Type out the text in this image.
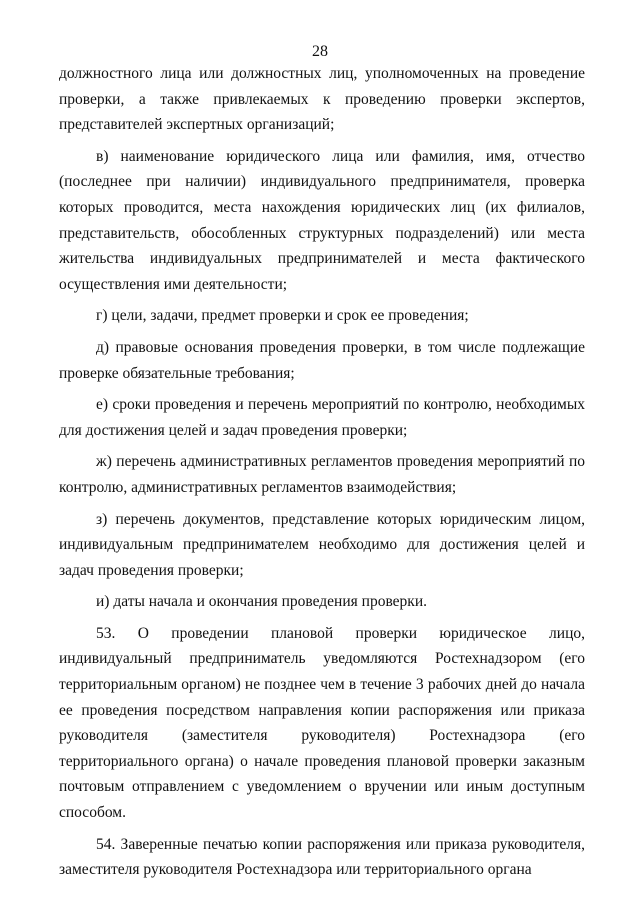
28

должностного лица или должностных лиц, уполномоченных на проведение проверки, а также привлекаемых к проведению проверки экспертов, представителей экспертных организаций;

в) наименование юридического лица или фамилия, имя, отчество (последнее при наличии) индивидуального предпринимателя, проверка которых проводится, места нахождения юридических лиц (их филиалов, представительств, обособленных структурных подразделений) или места жительства индивидуальных предпринимателей и места фактического осуществления ими деятельности;

г) цели, задачи, предмет проверки и срок ее проведения;

д) правовые основания проведения проверки, в том числе подлежащие проверке обязательные требования;

е) сроки проведения и перечень мероприятий по контролю, необходимых для достижения целей и задач проведения проверки;

ж) перечень административных регламентов проведения мероприятий по контролю, административных регламентов взаимодействия;

з) перечень документов, представление которых юридическим лицом, индивидуальным предпринимателем необходимо для достижения целей и задач проведения проверки;

и) даты начала и окончания проведения проверки.

53. О проведении плановой проверки юридическое лицо, индивидуальный предприниматель уведомляются Ростехнадзором (его территориальным органом) не позднее чем в течение 3 рабочих дней до начала ее проведения посредством направления копии распоряжения или приказа руководителя (заместителя руководителя) Ростехнадзора (его территориального органа) о начале проведения плановой проверки заказным почтовым отправлением с уведомлением о вручении или иным доступным способом.

54. Заверенные печатью копии распоряжения или приказа руководителя, заместителя руководителя Ростехнадзора или территориального органа
